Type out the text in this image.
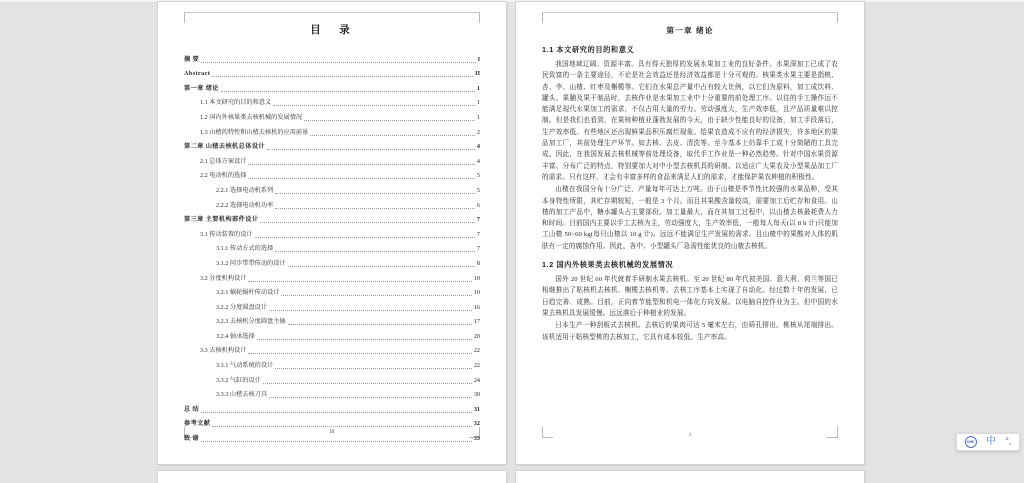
目　录
摘 要	I
Abstract	II
第一章 绪论	1
1.1 本文研究的目的和意义	1
1.2 国内外核果类去核机械的发展情况	1
1.3 山楂的特性和山楂去核机的应用前景	2
第二章 山楂去核机总体设计	4
2.1 总体方案设计	4
2.2 电动机的选择	5
2.2.1 选择电动机系列	5
2.2.2 选择电动机功率	6
第三章 主要机构部件设计	7
3.1 传动装置的设计	7
3.1.1 传动方式的选择	7
3.1.2 同步带带传动的设计	8
3.2 分度机构设计	10
3.2.1 蜗轮蜗杆传动设计	10
3.2.2 分度圆盘设计	16
3.2.3 去核机分度圆盘主轴	17
3.2.4 轴承选择	20
3.3 去核机构设计	22
3.3.1 气动系统的设计	22
3.3.2 气缸的设计	24
3.3.3 山楂去核刀具	30
总 结	31
参考文献	32
致 谢	33
III
第一章 绪论
1.1 本文研究的目的和意义

我国地域辽阔、资源丰富。具有得天独厚的发展水果加工业的良好条件。水果深加工已成了农民致富的一条主要途径，不论是社会效益还是经济效益都是十分可观的。核果类水果主要是指桃、杏、李、山楂、红枣及槲榄等。它们在水果总产量中占有较大比例，以它们为原料，加工成饮料、罐头、果脯及果干制品时，去核作业是水果加工业中十分重要的前处理工序。以往的手工操作远不能满足现代水果加工的需求，不仅占用大量的劳力。劳动强度大，生产效率低，且产品质量难以控制。但是我们也看到，在果树种植业蓬勃发展的今天，由于缺少性能良好的设备，加工手段落后，生产效率低。有些地区还出现鲜果品积压腐烂现象。给果农造成不应有的经济损失，许多地区的果品加工厂，其前处理生产环节。如去核、去皮、清洗等。至今基本上仍靠手工或十分简陋的工具完成。因此，在我国发展去核机械等前处理设备，取代手工作业是一种必然趋势。针对中国水果资源丰富、分布广泛的特点，特别要加大对中小型去核机具的研制。以适应广大果农及小型果品加工厂的需求。只有这样，才会有丰富多样的食品来满足人们的需求，才能保护果农种植的积极性。

山楂在我国分布十分广泛，产量每年可达上万吨。由于山楂是季节性比较强的水果品种，受其本身特性所限，其贮存期较短，一般是 3 个月。而且其果酸含量较高，需要加工后贮存和食用。山楂的加工产品中，糖水罐头占主要部份。加工量最大，而在其加工过程中，以山楂去核最耗费人力和时间。目前国内主要以手工去核为主，劳动强度大，生产效率低，一般每人每天(以 8 h 计)只能加工山楂 50~60 kg(每只山楂以 10 g 计)。远远不能满足生产发展的需求。且山楂中的果酸对人体的肌肤有一定的腐蚀作用。因此，各中、小型罐头厂急需性能优良的山楂去核机。

1.2 国内外核果类去核机械的发展情况

国外 20 世纪 60 年代就着手研制水果去核机。至 20 世纪 80 年代初美国、意大利、荷兰等国已相继推出了粘核机去核机、榭榄去核机等。去核工序基本上实现了自动化。经过数十年的发展，已日趋完善、成熟。目前，正向着节能型和机电一体化方向发展。以电脑自控作业为主。但中国的水果去核机具发展缓慢。远远落后于种植业的发展。

日本生产一种刮板式去核机。去核后的果肉可达 5 毫米左右，由筛孔排出。桃核从尾端排出。该机适用于粘核型桃的去核加工，它具有成本较低、生产率高。

1
IME 中 °,
